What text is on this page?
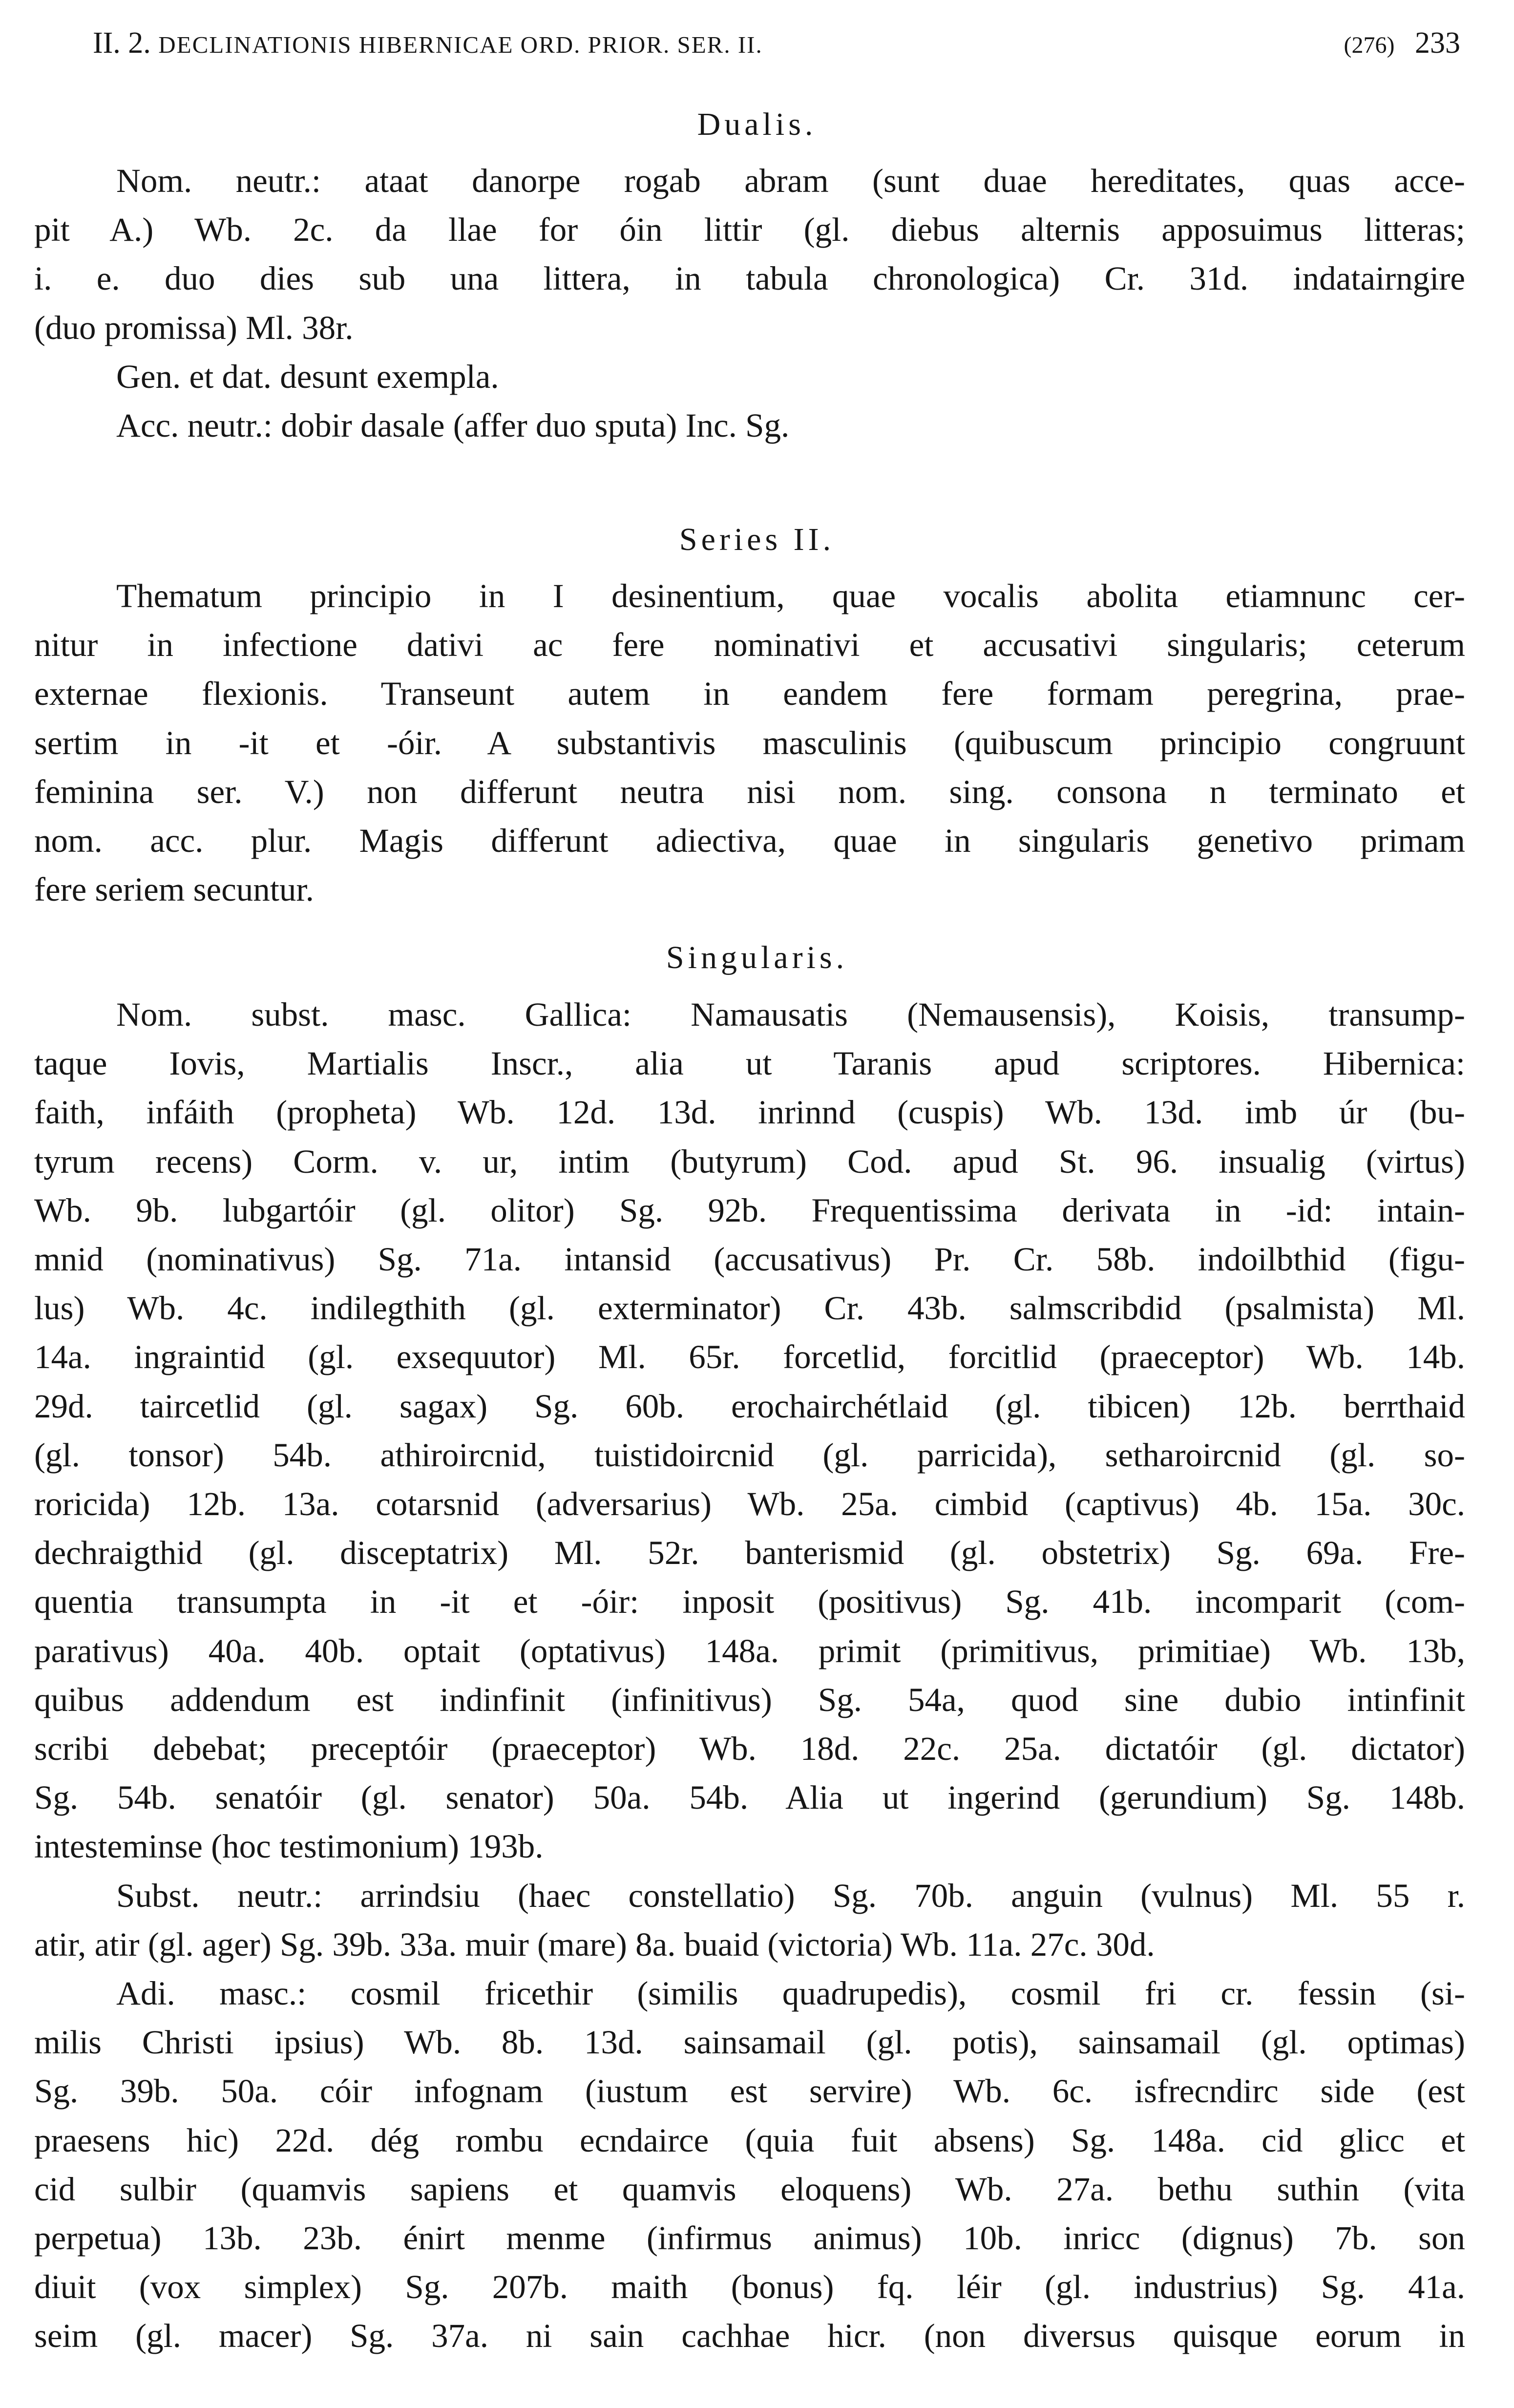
II. 2. DECLINATIONIS HIBERNICAE ORD. PRIOR. SER. II.	(276) 233
Dualis.

Nom. neutr.: ataat danorpe rogab abram (sunt duae hereditates, quas acce-

pit A.) Wb. 2c. da llae for óin littir (gl. diebus alternis apposuimus litteras;

i. e. duo dies sub una littera, in tabula chronologica) Cr. 31d. indatairngire

(duo promissa) Ml. 38r.

Gen. et dat. desunt exempla.

Acc. neutr.: dobir dasale (affer duo sputa) Inc. Sg.

Series II.

Thematum principio in I desinentium, quae vocalis abolita etiamnunc cer-

nitur in infectione dativi ac fere nominativi et accusativi singularis; ceterum

externae flexionis. Transeunt autem in eandem fere formam peregrina, prae-

sertim in -it et -óir. A substantivis masculinis (quibuscum principio congruunt

feminina ser. V.) non differunt neutra nisi nom. sing. consona n terminato et

nom. acc. plur. Magis differunt adiectiva, quae in singularis genetivo primam

fere seriem secuntur.

Singularis.

Nom. subst. masc. Gallica: Namausatis (Nemausensis), Koisis, transump-

taque Iovis, Martialis Inscr., alia ut Taranis apud scriptores. Hibernica:

faith, infáith (propheta) Wb. 12d. 13d. inrinnd (cuspis) Wb. 13d. imb úr (bu-

tyrum recens) Corm. v. ur, intim (butyrum) Cod. apud St. 96. insualig (virtus)

Wb. 9b. lubgartóir (gl. olitor) Sg. 92b. Frequentissima derivata in -id: intain-

mnid (nominativus) Sg. 71a. intansid (accusativus) Pr. Cr. 58b. indoilbthid (figu-

lus) Wb. 4c. indilegthith (gl. exterminator) Cr. 43b. salmscribdid (psalmista) Ml.

14a. ingraintid (gl. exsequutor) Ml. 65r. forcetlid, forcitlid (praeceptor) Wb. 14b.

29d. taircetlid (gl. sagax) Sg. 60b. erochairchétlaid (gl. tibicen) 12b. berrthaid

(gl. tonsor) 54b. athiroircnid, tuistidoircnid (gl. parricida), setharoircnid (gl. so-

roricida) 12b. 13a. cotarsnid (adversarius) Wb. 25a. cimbid (captivus) 4b. 15a. 30c.

dechraigthid (gl. disceptatrix) Ml. 52r. banterismid (gl. obstetrix) Sg. 69a. Fre-

quentia transumpta in -it et -óir: inposit (positivus) Sg. 41b. incomparit (com-

parativus) 40a. 40b. optait (optativus) 148a. primit (primitivus, primitiae) Wb. 13b,

quibus addendum est indinfinit (infinitivus) Sg. 54a, quod sine dubio intinfinit

scribi debebat; preceptóir (praeceptor) Wb. 18d. 22c. 25a. dictatóir (gl. dictator)

Sg. 54b. senatóir (gl. senator) 50a. 54b. Alia ut ingerind (gerundium) Sg. 148b.

intesteminse (hoc testimonium) 193b.

Subst. neutr.: arrindsiu (haec constellatio) Sg. 70b. anguin (vulnus) Ml. 55 r.

atir, atir (gl. ager) Sg. 39b. 33a. muir (mare) 8a. buaid (victoria) Wb. 11a. 27c. 30d.

Adi. masc.: cosmil fricethir (similis quadrupedis), cosmil fri cr. fessin (si-

milis Christi ipsius) Wb. 8b. 13d. sainsamail (gl. potis), sainsamail (gl. optimas)

Sg. 39b. 50a. cóir infognam (iustum est servire) Wb. 6c. isfrecndirc side (est

praesens hic) 22d. dég rombu ecndairce (quia fuit absens) Sg. 148a. cid glicc et

cid sulbir (quamvis sapiens et quamvis eloquens) Wb. 27a. bethu suthin (vita

perpetua) 13b. 23b. énirt menme (infirmus animus) 10b. inricc (dignus) 7b. son

diuit (vox simplex) Sg. 207b. maith (bonus) fq. léir (gl. industrius) Sg. 41a.

seim (gl. macer) Sg. 37a. ni sain cachhae hicr. (non diversus quisque eorum in
